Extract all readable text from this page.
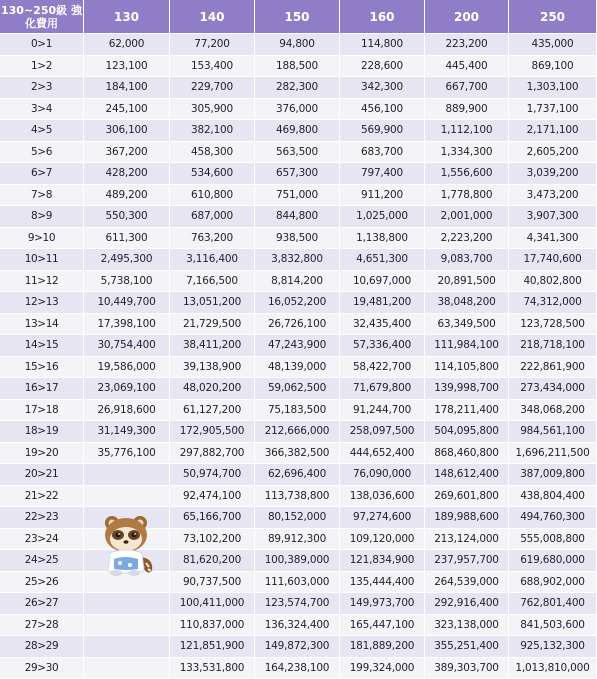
130~250級 強化費用	130	140	150	160	200	250
0>1	62,000	77,200	94,800	114,800	223,200	435,000
1>2	123,100	153,400	188,500	228,600	445,400	869,100
2>3	184,100	229,700	282,300	342,300	667,700	1,303,100
3>4	245,100	305,900	376,000	456,100	889,900	1,737,100
4>5	306,100	382,100	469,800	569,900	1,112,100	2,171,100
5>6	367,200	458,300	563,500	683,700	1,334,300	2,605,200
6>7	428,200	534,600	657,300	797,400	1,556,600	3,039,200
7>8	489,200	610,800	751,000	911,200	1,778,800	3,473,200
8>9	550,300	687,000	844,800	1,025,000	2,001,000	3,907,300
9>10	611,300	763,200	938,500	1,138,800	2,223,200	4,341,300
10>11	2,495,300	3,116,400	3,832,800	4,651,300	9,083,700	17,740,600
11>12	5,738,100	7,166,500	8,814,200	10,697,000	20,891,500	40,802,800
12>13	10,449,700	13,051,200	16,052,200	19,481,200	38,048,200	74,312,000
13>14	17,398,100	21,729,500	26,726,100	32,435,400	63,349,500	123,728,500
14>15	30,754,400	38,411,200	47,243,900	57,336,400	111,984,100	218,718,100
15>16	19,586,000	39,138,900	48,139,000	58,422,700	114,105,800	222,861,900
16>17	23,069,100	48,020,200	59,062,500	71,679,800	139,998,700	273,434,000
17>18	26,918,600	61,127,200	75,183,500	91,244,700	178,211,400	348,068,200
18>19	31,149,300	172,905,500	212,666,000	258,097,500	504,095,800	984,561,100
19>20	35,776,100	297,882,700	366,382,500	444,652,400	868,460,800	1,696,211,500
20>21		50,974,700	62,696,400	76,090,000	148,612,400	387,009,800
21>22		92,474,100	113,738,800	138,036,600	269,601,800	438,804,400
22>23		65,166,700	80,152,000	97,274,600	189,988,600	494,760,300
23>24		73,102,200	89,912,300	109,120,000	213,124,000	555,008,800
24>25		81,620,200	100,389,000	121,834,900	237,957,700	619,680,000
25>26		90,737,500	111,603,000	135,444,400	264,539,000	688,902,000
26>27		100,411,000	123,574,700	149,973,700	292,916,400	762,801,400
27>28		110,837,000	136,324,400	165,447,100	323,138,000	841,503,600
28>29		121,851,900	149,872,300	181,889,200	355,251,400	925,132,300
29>30		133,531,800	164,238,100	199,324,000	389,303,700	1,013,810,000
